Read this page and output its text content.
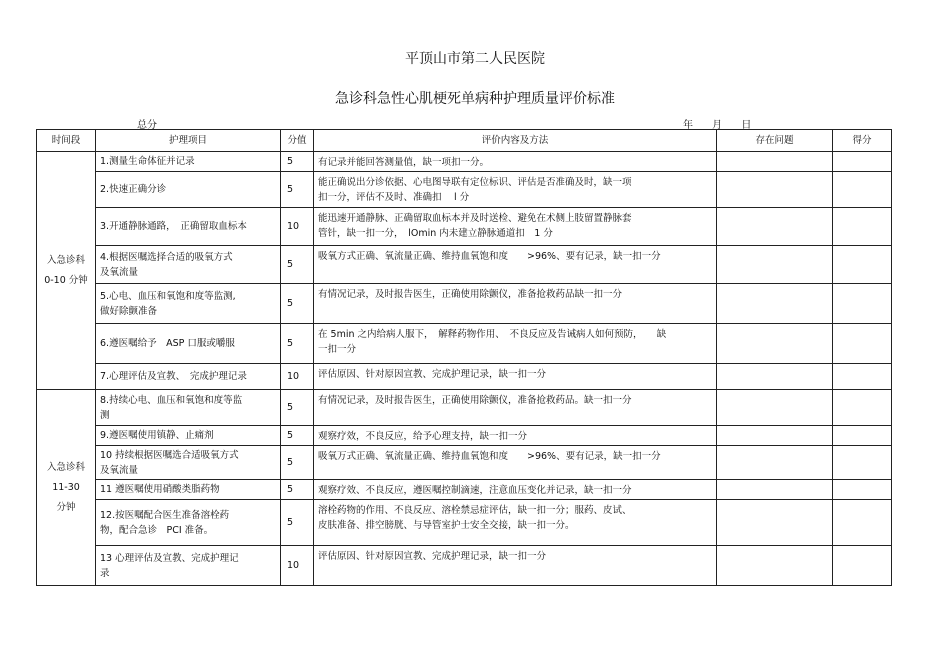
平顶山市第二人民医院
急诊科急性心肌梗死单病种护理质量评价标准
总分	年 月 日
时间段	护理项目	分值	评价内容及方法	存在问题	得分
入急诊科
0-10 分钟	1.测量生命体征并记录	5	有记录并能回答测量值，缺一项扣一分。		
	2.快速正确分诊	5	能正确说出分诊依据、心电图导联有定位标识、评估是否准确及时，缺一项
扣一分，评估不及时、准确扣　 l 分		
	3.开通静脉通路，　正确留取血标本	10	能迅速开通静脉、正确留取血标本并及时送检、避免在术侧上肢留置静脉套
管针，缺一扣一分，　lOmin 内未建立静脉通道扣　1 分		
	4.根据医嘱选择合适的吸氧方式
及氧流量	5	吸氧方式正确、氧流量正确、维持血氧饱和度　　>96%、要有记录，缺一扣一分		
	5.心电、血压和氧饱和度等监测,
做好除颤准备	5	有情况记录，及时报告医生，正确使用除颤仪，准备抢救药品缺一扣一分		
	6.遵医嘱给予　ASP 口服或嚼服	5	在 5min 之内给病人服下，　解释药物作用、　不良反应及告诫病人如何预防，　　缺
一扣一分		
	7.心理评估及宣教、　完成护理记录	10	评估原因、针对原因宣教、完成护理记录，缺一扣一分		
入急诊科
11-30
分钟	8.持续心电、血压和氧饱和度等监
测	5	有情况记录，及时报告医生，正确使用除颤仪，准备抢救药品。缺一扣一分		
	9.遵医嘱使用镇静、止痛剂	5	观察疗效，不良反应，给予心理支持，缺一扣一分		
	10 持续根据医嘱选合适吸氧方式
及氧流量	5	吸氧万式正确、氧流量正确、维持血氧饱和度　　>96%、要有记录，缺一扣一分		
	11 遵医嘱使用硝酸类脂药物	5	观察疗效、不良反应，遵医嘱控制滴速，注意血压变化并记录，缺一扣一分		
	12.按医嘱配合医生准备溶栓药
物，配合急诊　PCI 准备。	5	溶栓药物的作用、不良反应、溶栓禁忌症评估，缺一扣一分；服药、皮试、
皮肤准备、排空膀胱、与导管室护士安全交接，缺一扣一分。		
	13 心理评估及宣教、完成护理记
录	10	评估原因、针对原因宣教、完成护理记录，缺一扣一分		
